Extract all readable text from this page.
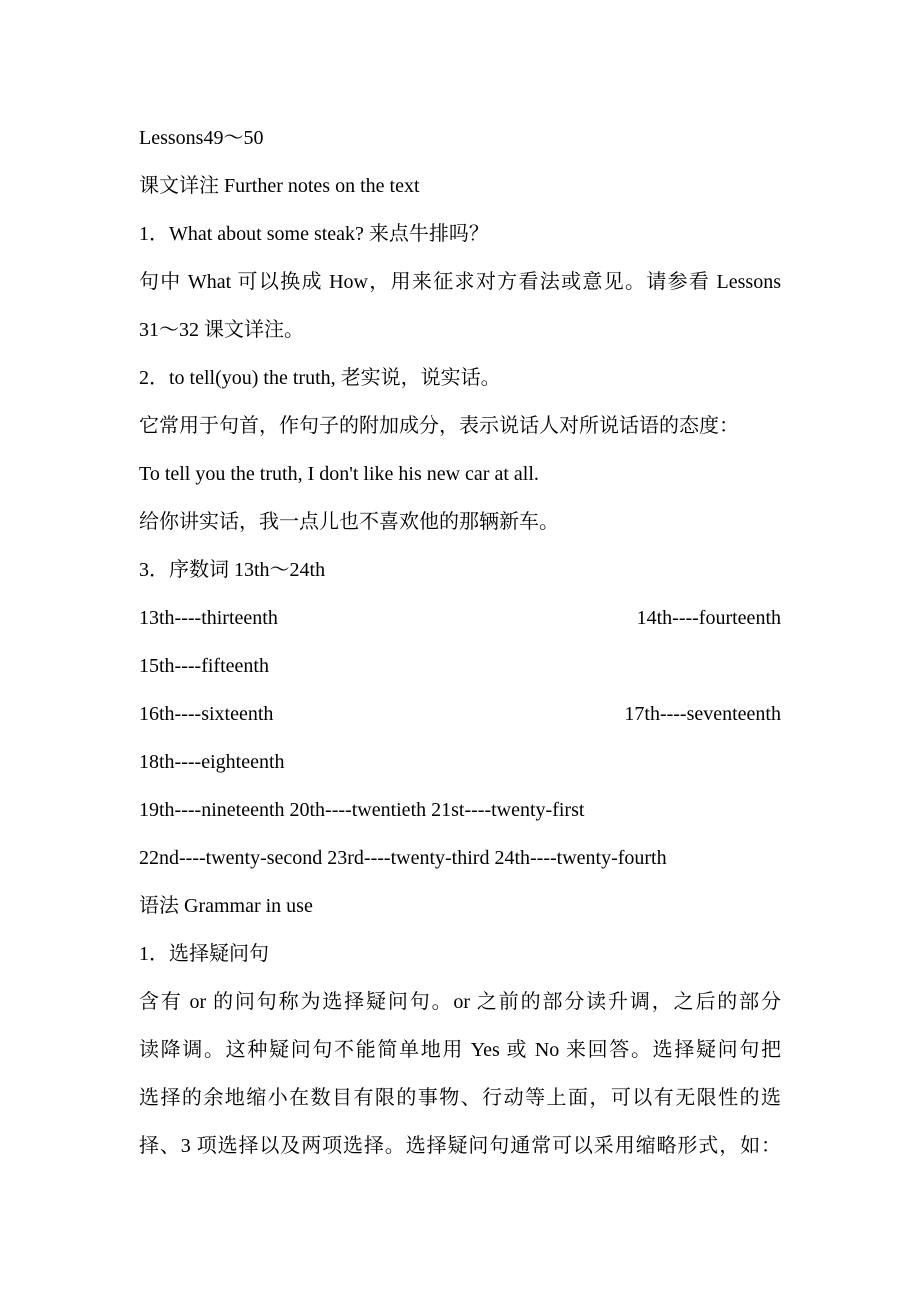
Lessons49～50
课文详注 Further notes on the text
1．What about some steak? 来点牛排吗？
句中 What 可以换成 How，用来征求对方看法或意见。请参看 Lessons
31～32 课文详注。
2．to tell(you) the truth, 老实说，说实话。
它常用于句首，作句子的附加成分，表示说话人对所说话语的态度：
To tell you the truth, I don't like his new car at all.
给你讲实话，我一点儿也不喜欢他的那辆新车。
3．序数词 13th～24th
13th----thirteenth	14th----fourteenth
15th----fifteenth
16th----sixteenth	17th----seventeenth
18th----eighteenth
19th----nineteenth 20th----twentieth 21st----twenty-first
22nd----twenty-second 23rd----twenty-third 24th----twenty-fourth
语法 Grammar in use
1．选择疑问句
含有 or 的问句称为选择疑问句。or 之前的部分读升调，之后的部分
读降调。这种疑问句不能简单地用 Yes 或 No 来回答。选择疑问句把
选择的余地缩小在数目有限的事物、行动等上面，可以有无限性的选
择、3 项选择以及两项选择。选择疑问句通常可以采用缩略形式，如：
